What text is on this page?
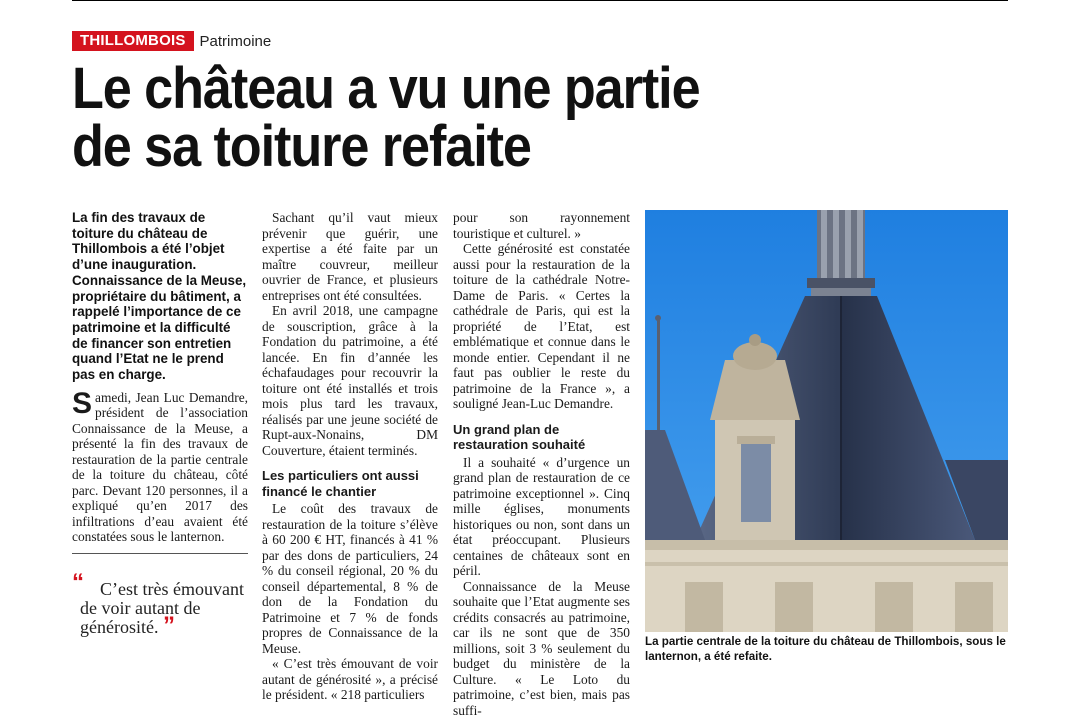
THILLOMBOIS Patrimoine
Le château a vu une partie
de sa toiture refaite

La fin des travaux de toiture du château de Thillombois a été l’objet d’une inauguration. Connaissance de la Meuse, propriétaire du bâtiment, a rappelé l’importance de ce patrimoine et la difficulté de financer son entretien quand l’Etat ne le prend pas en charge.

Samedi, Jean Luc Demandre, président de l’association Connaissance de la Meuse, a présenté la fin des travaux de restauration de la partie centrale de la toiture du château, côté parc. Devant 120 personnes, il a expliqué qu’en 2017 des infiltrations d’eau avaient été constatées sous le lanternon.

“ C’est très émouvant
de voir autant de générosité. ”

Sachant qu’il vaut mieux prévenir que guérir, une expertise a été faite par un maître couvreur, meilleur ouvrier de France, et plusieurs entreprises ont été consultées.

En avril 2018, une campagne de souscription, grâce à la Fondation du patrimoine, a été lancée. En fin d’année les échafaudages pour recouvrir la toiture ont été installés et trois mois plus tard les travaux, réalisés par une jeune société de Rupt-aux-Nonains, DM Couverture, étaient terminés.

Les particuliers ont aussi financé le chantier

Le coût des travaux de restauration de la toiture s’élève à 60 200 € HT, financés à 41 % par des dons de particuliers, 24 % du conseil régional, 20 % du conseil départemental, 8 % de don de la Fondation du Patrimoine et 7 % de fonds propres de Connaissance de la Meuse.

« C’est très émouvant de voir autant de générosité », a précisé le président. « 218 particuliers

pour son rayonnement touristique et culturel. »

Cette générosité est constatée aussi pour la restauration de la toiture de la cathédrale Notre-Dame de Paris. « Certes la cathédrale de Paris, qui est la propriété de l’Etat, est emblématique et connue dans le monde entier. Cependant il ne faut pas oublier le reste du patrimoine de la France », a souligné Jean-Luc Demandre.

Un grand plan de restauration souhaité

Il a souhaité « d’urgence un grand plan de restauration de ce patrimoine exceptionnel ». Cinq mille églises, monuments historiques ou non, sont dans un état préoccupant. Plusieurs centaines de châteaux sont en péril.

Connaissance de la Meuse souhaite que l’Etat augmente ses crédits consacrés au patrimoine, car ils ne sont que de 350 millions, soit 3 % seulement du budget du ministère de la Culture. « Le Loto du patrimoine, c’est bien, mais pas suffi-

La partie centrale de la toiture du château de Thillombois, sous le lanternon, a été refaite.
